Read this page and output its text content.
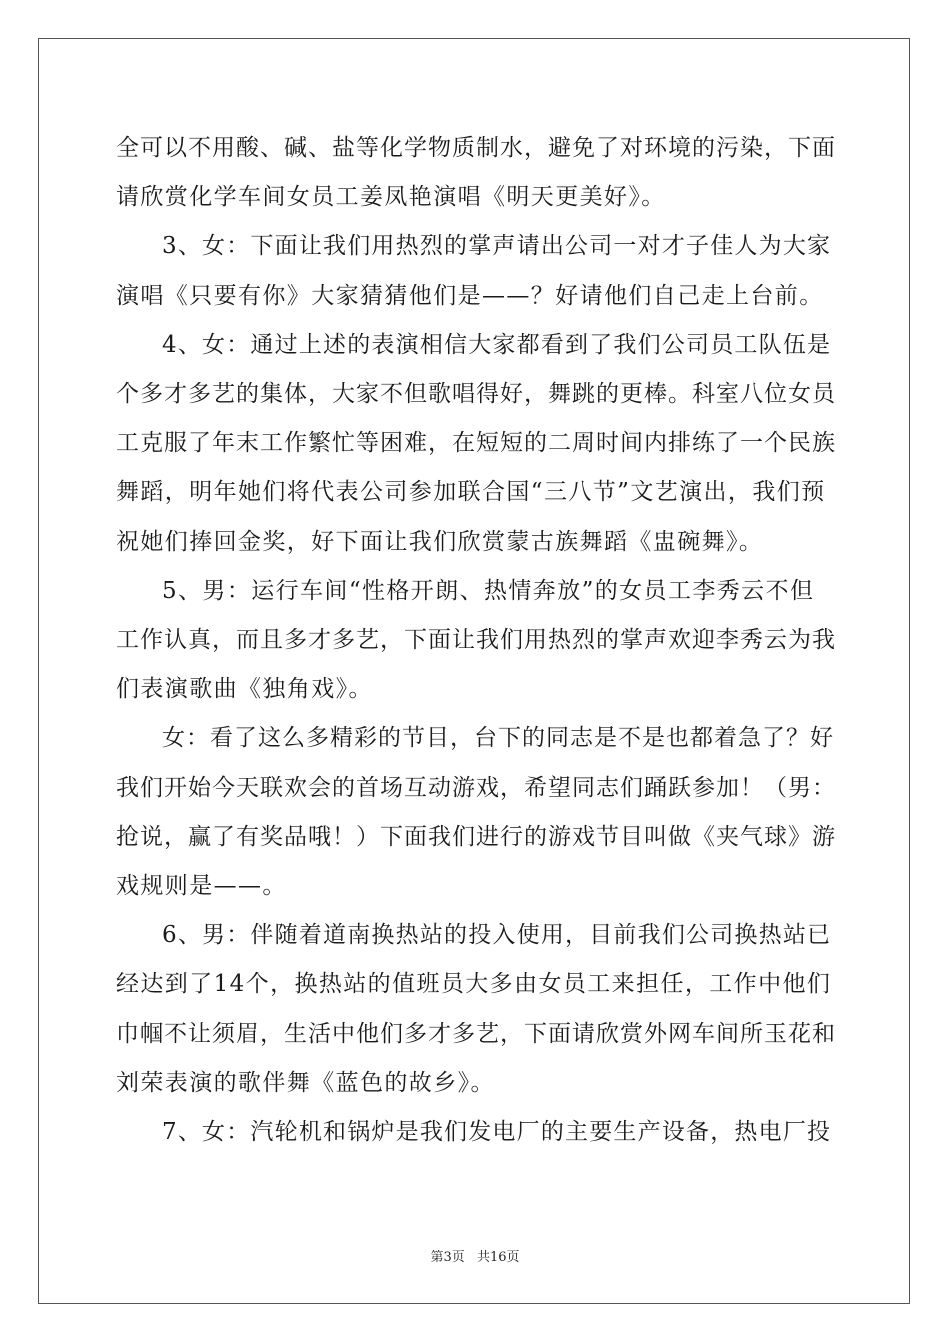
全可以不用酸、碱、盐等化学物质制水，避免了对环境的污染，下面
请欣赏化学车间女员工姜凤艳演唱《明天更美好》。
3、女：下面让我们用热烈的掌声请出公司一对才子佳人为大家
演唱《只要有你》大家猜猜他们是——？好请他们自己走上台前。
4、女：通过上述的表演相信大家都看到了我们公司员工队伍是
个多才多艺的集体，大家不但歌唱得好，舞跳的更棒。科室八位女员
工克服了年末工作繁忙等困难，在短短的二周时间内排练了一个民族
舞蹈，明年她们将代表公司参加联合国“三八节”文艺演出，我们预
祝她们捧回金奖，好下面让我们欣赏蒙古族舞蹈《盅碗舞》。
5、男：运行车间“性格开朗、热情奔放”的女员工李秀云不但
工作认真，而且多才多艺，下面让我们用热烈的掌声欢迎李秀云为我
们表演歌曲《独角戏》。
女：看了这么多精彩的节目，台下的同志是不是也都着急了？好
我们开始今天联欢会的首场互动游戏，希望同志们踊跃参加！（男：
抢说，赢了有奖品哦！）下面我们进行的游戏节目叫做《夹气球》游
戏规则是——。
6、男：伴随着道南换热站的投入使用，目前我们公司换热站已
经达到了14个，换热站的值班员大多由女员工来担任，工作中他们
巾帼不让须眉，生活中他们多才多艺，下面请欣赏外网车间所玉花和
刘荣表演的歌伴舞《蓝色的故乡》。
7、女：汽轮机和锅炉是我们发电厂的主要生产设备，热电厂投
第3页 共16页
